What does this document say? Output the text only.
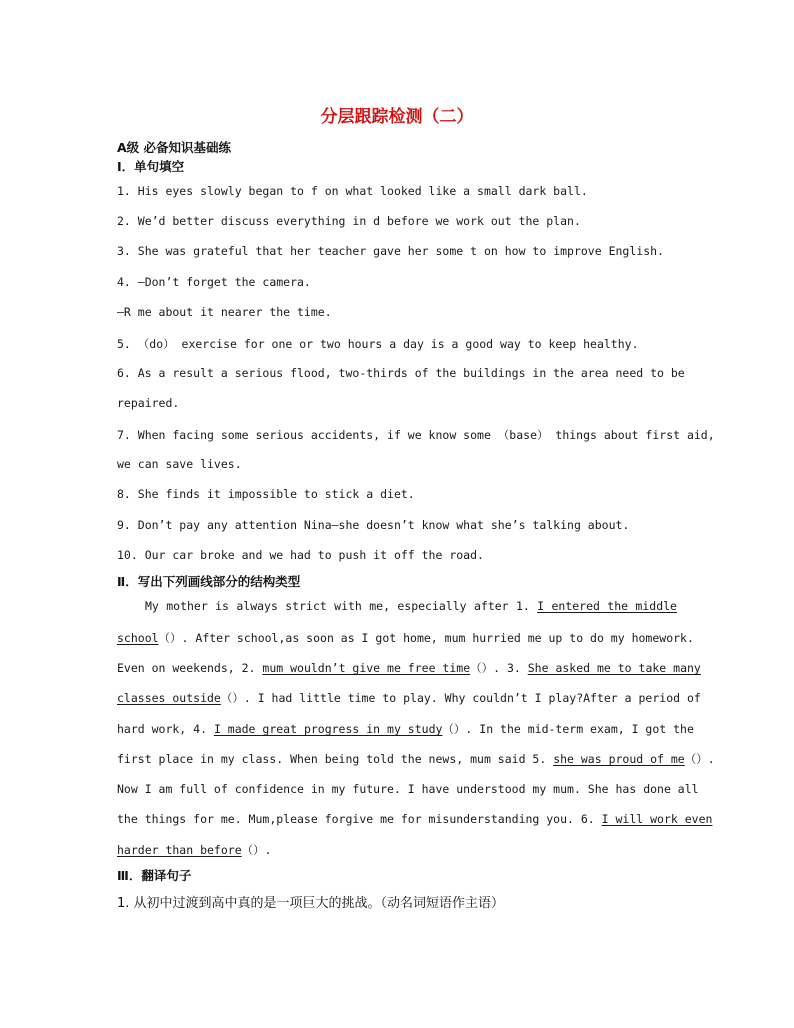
分层跟踪检测（二）
A级 必备知识基础练
Ⅰ．单句填空
1. His eyes slowly began to f on what looked like a small dark ball.
2. We’d better discuss everything in d before we work out the plan.
3. She was grateful that her teacher gave her some t on how to improve English.
4. —Don’t forget the camera.
—R me about it nearer the time.
5. （do） exercise for one or two hours a day is a good way to keep healthy.
6. As a result a serious flood, two-thirds of the buildings in the area need to be
repaired.
7. When facing some serious accidents, if we know some （base） things about first aid,
we can save lives.
8. She finds it impossible to stick a diet.
9. Don’t pay any attention Nina—she doesn’t know what she’s talking about.
10. Our car broke and we had to push it off the road.
Ⅱ．写出下列画线部分的结构类型
My mother is always strict with me, especially after 1. I entered the middle
school（）. After school,as soon as I got home, mum hurried me up to do my homework.
Even on weekends, 2. mum wouldn’t give me free time（）. 3. She asked me to take many
classes outside（）. I had little time to play. Why couldn’t I play?After a period of
hard work, 4. I made great progress in my study（）. In the mid-term exam, I got the
first place in my class. When being told the news, mum said 5. she was proud of me（）.
Now I am full of confidence in my future. I have understood my mum. She has done all
the things for me. Mum,please forgive me for misunderstanding you. 6. I will work even
harder than before（）.
Ⅲ．翻译句子
1. 从初中过渡到高中真的是一项巨大的挑战。（动名词短语作主语）
